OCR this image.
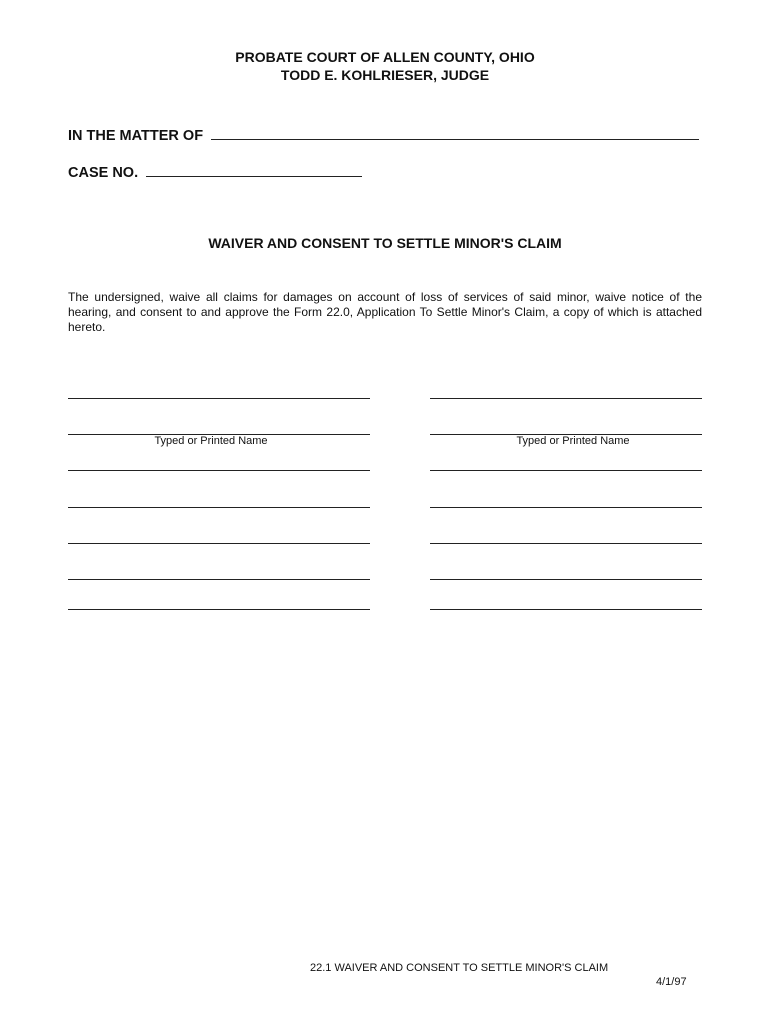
PROBATE COURT OF ALLEN COUNTY, OHIO
TODD E. KOHLRIESER, JUDGE
IN THE MATTER OF
CASE NO.
WAIVER AND CONSENT TO SETTLE MINOR'S CLAIM
The undersigned, waive all claims for damages on account of loss of services of said minor, waive notice of the hearing, and consent to and approve the Form 22.0, Application To Settle Minor's Claim, a copy of which is attached hereto.
Typed or Printed Name	Typed or Printed Name
22.1 WAIVER AND CONSENT TO SETTLE MINOR'S CLAIM
4/1/97
